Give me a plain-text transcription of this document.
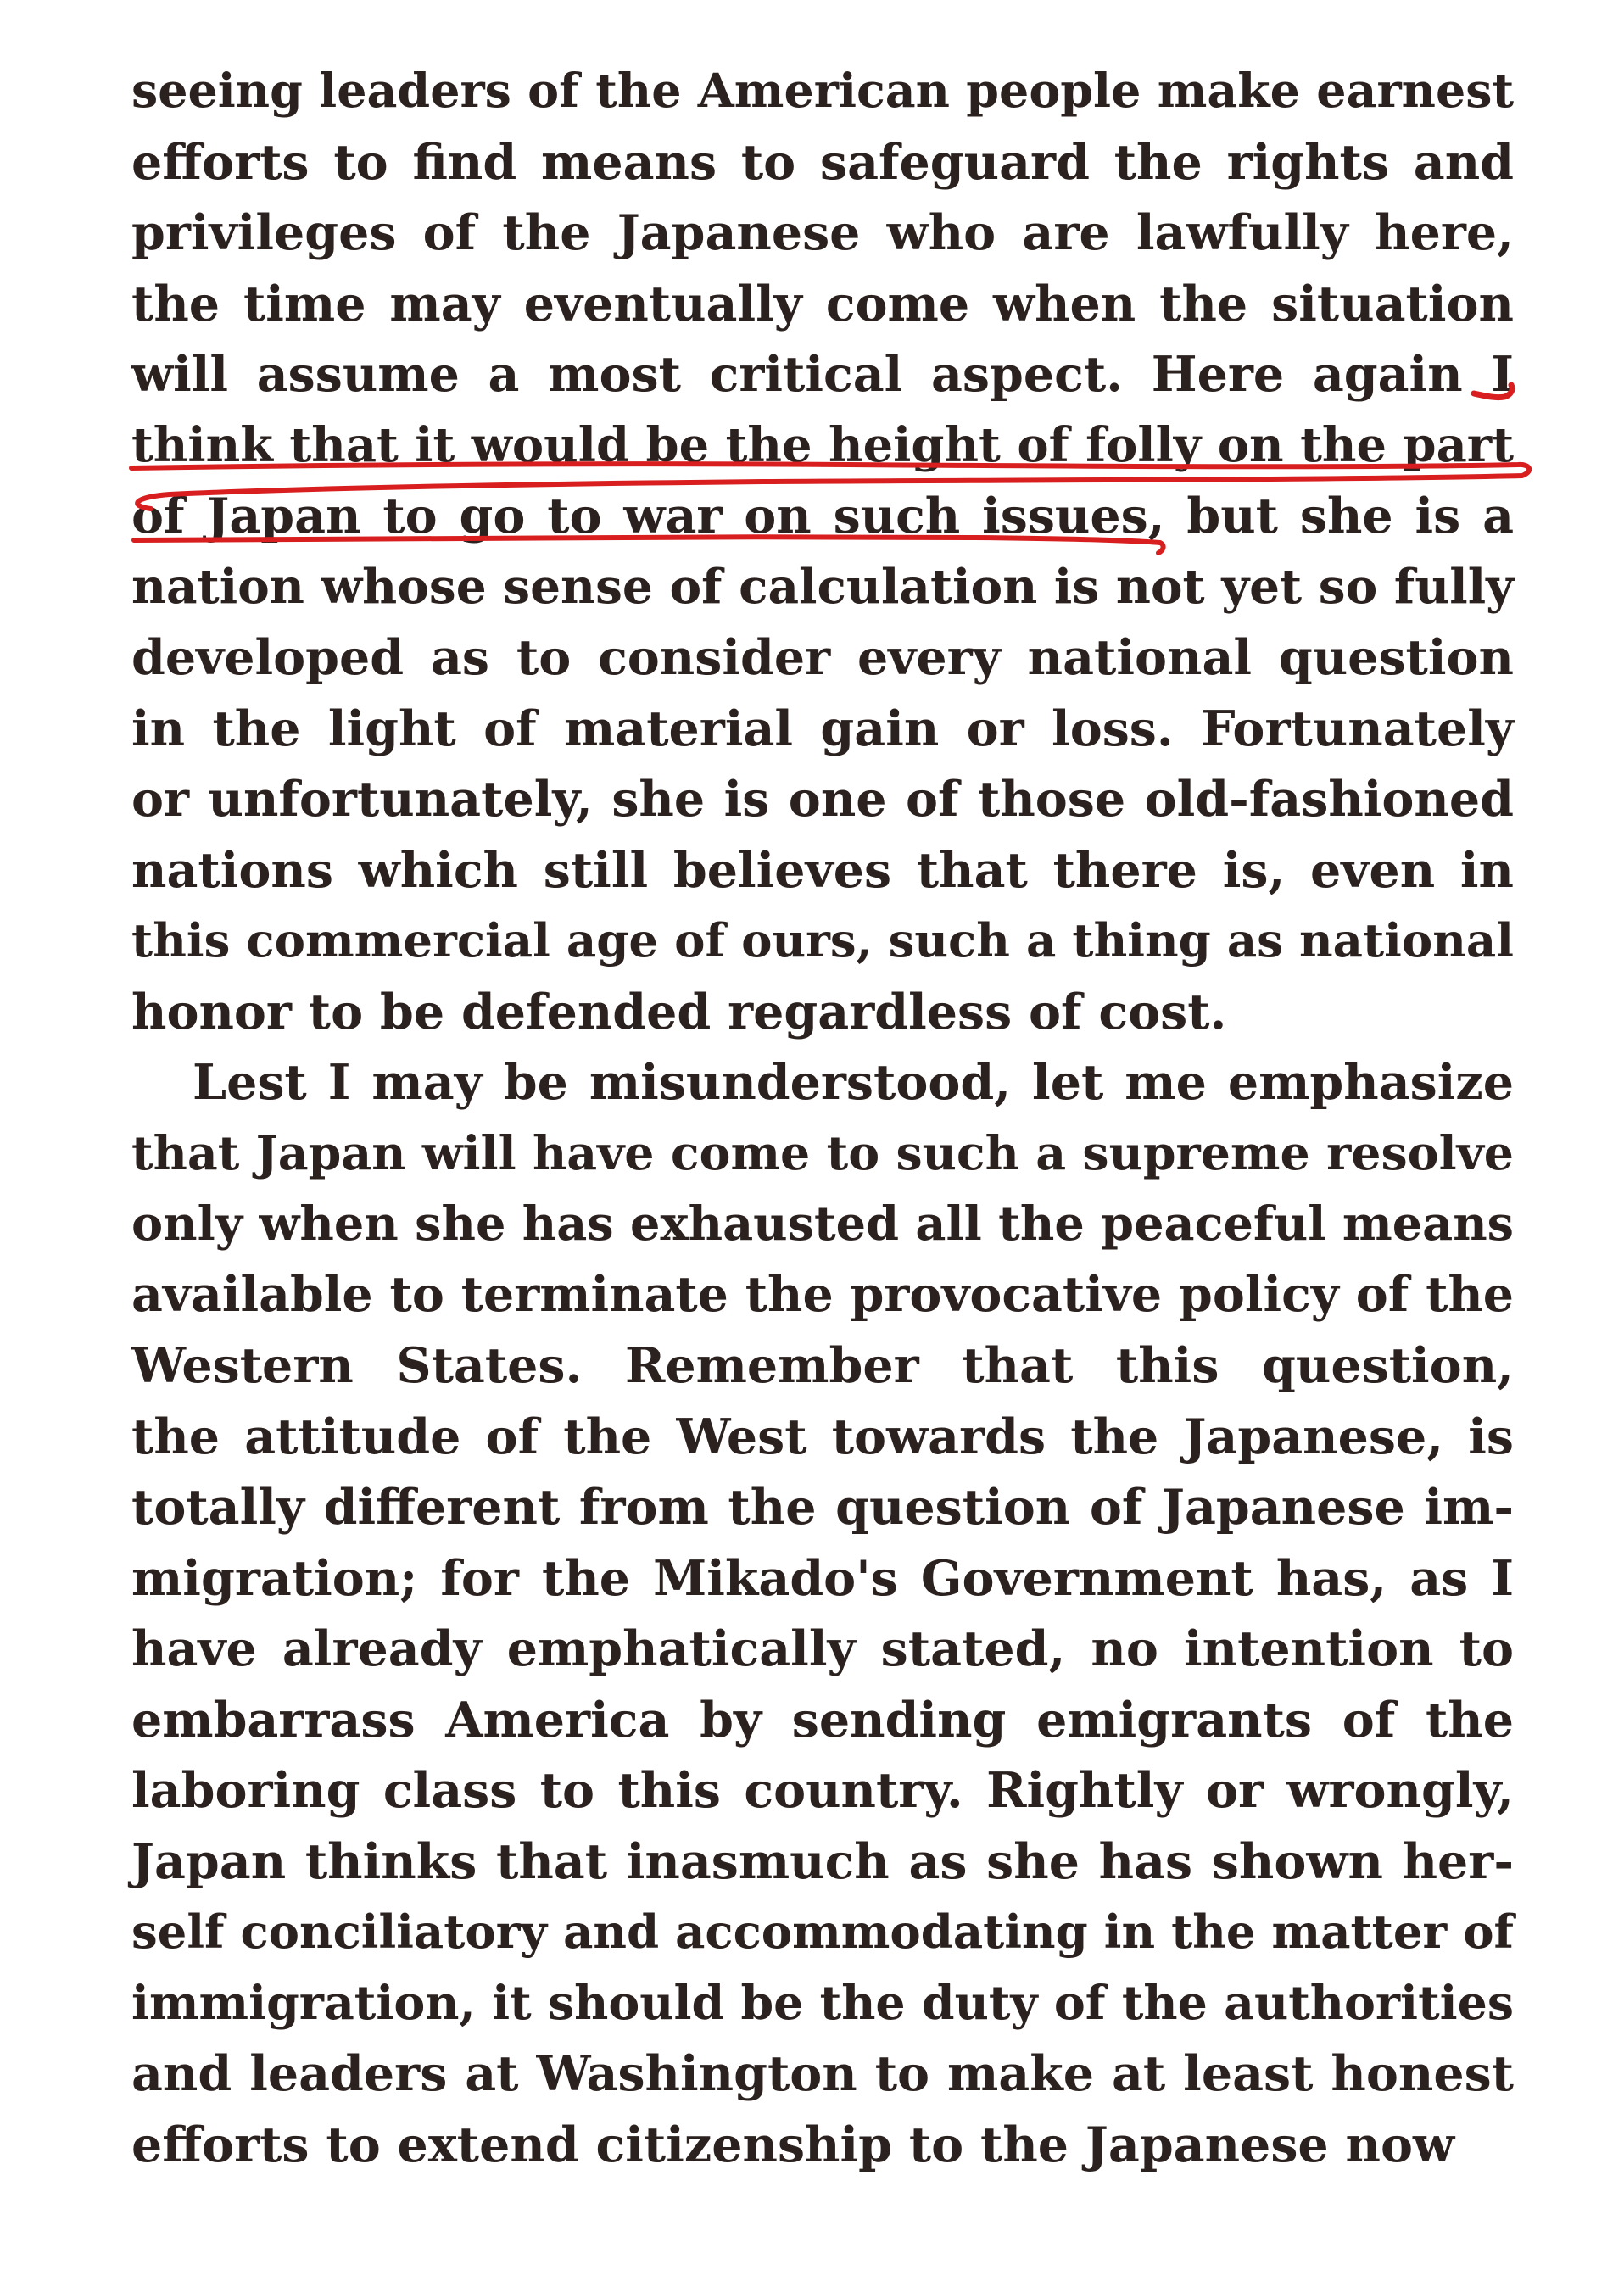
seeing leaders of the American people make earnest
efforts to find means to safeguard the rights and
privileges of the Japanese who are lawfully here,
the time may eventually come when the situation
will assume a most critical aspect. Here again I
think that it would be the height of folly on the part
of Japan to go to war on such issues, but she is a
nation whose sense of calculation is not yet so fully
developed as to consider every national question
in the light of material gain or loss. Fortunately
or unfortunately, she is one of those old-fashioned
nations which still believes that there is, even in
this commercial age of ours, such a thing as national
honor to be defended regardless of cost.
Lest I may be misunderstood, let me emphasize
that Japan will have come to such a supreme resolve
only when she has exhausted all the peaceful means
available to terminate the provocative policy of the
Western States. Remember that this question,
the attitude of the West towards the Japanese, is
totally different from the question of Japanese im-
migration; for the Mikado's Government has, as I
have already emphatically stated, no intention to
embarrass America by sending emigrants of the
laboring class to this country. Rightly or wrongly,
Japan thinks that inasmuch as she has shown her-
self conciliatory and accommodating in the matter of
immigration, it should be the duty of the authorities
and leaders at Washington to make at least honest
efforts to extend citizenship to the Japanese now
